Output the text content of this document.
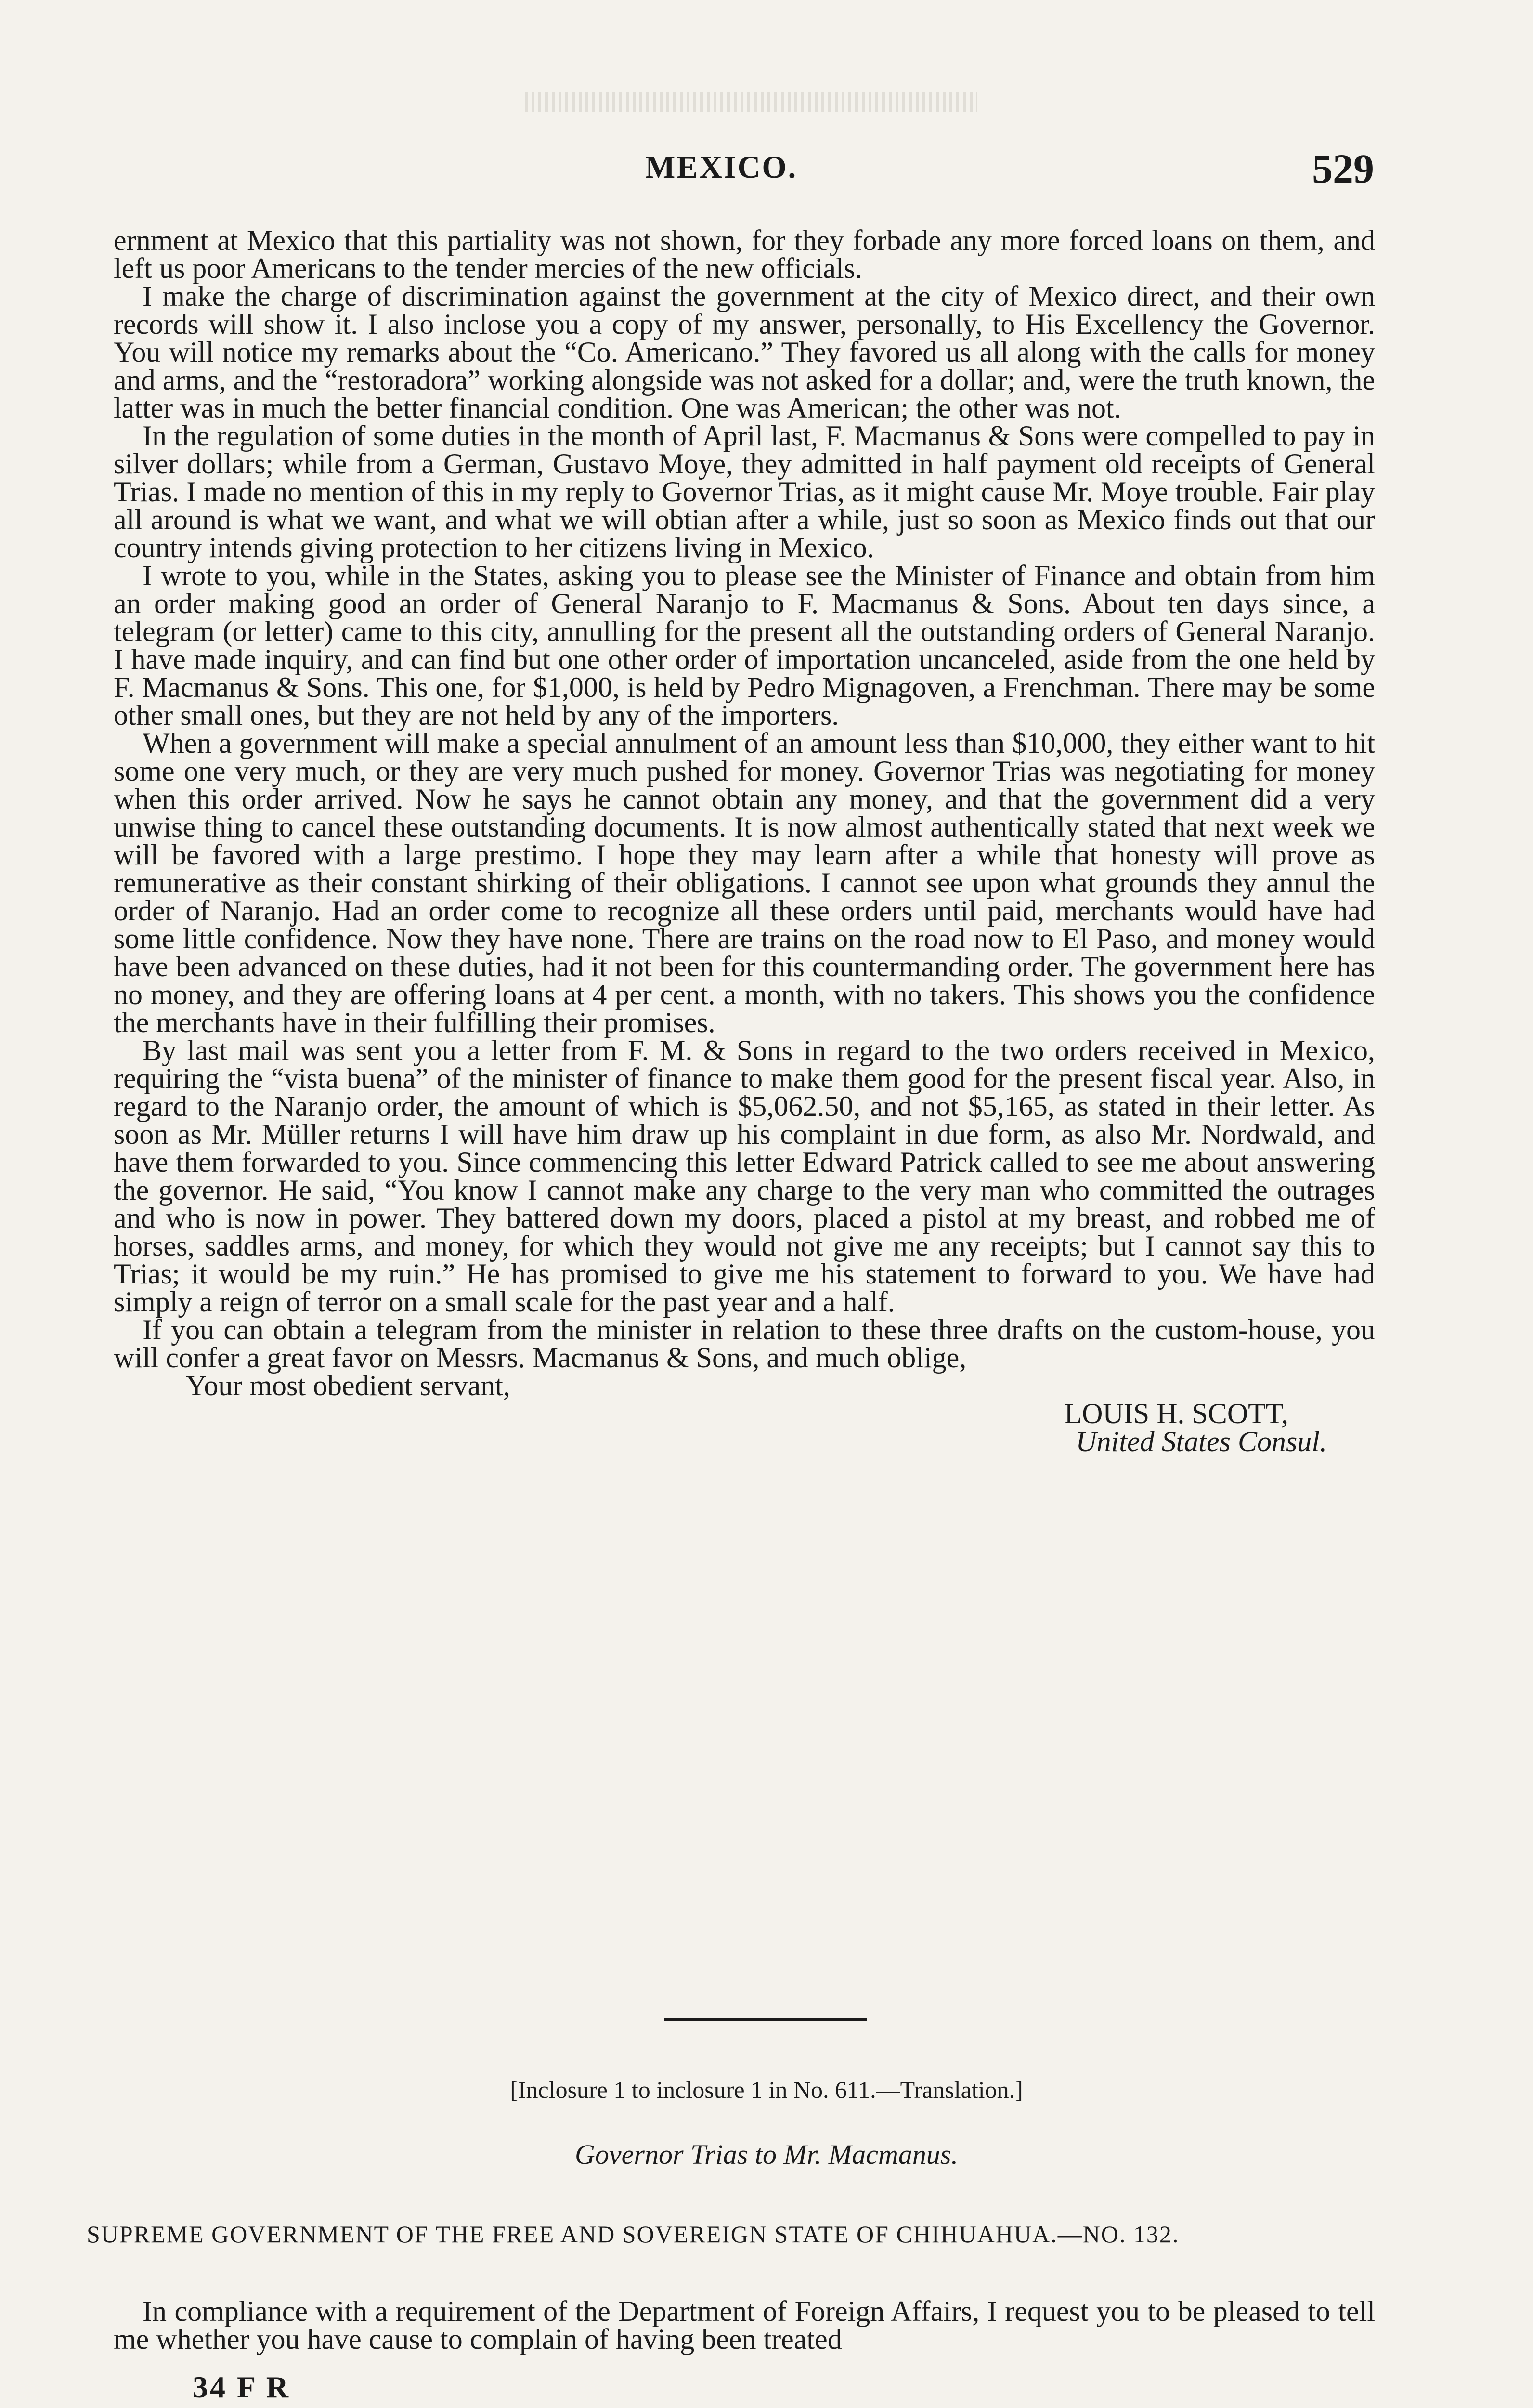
MEXICO.	529

ernment at Mexico that this partiality was not shown, for they forbade any more forced loans on them, and left us poor Americans to the tender mercies of the new officials.

I make the charge of discrimination against the government at the city of Mexico direct, and their own records will show it. I also inclose you a copy of my answer, personally, to His Excellency the Governor. You will notice my remarks about the “Co. Americano.” They favored us all along with the calls for money and arms, and the “restoradora” working alongside was not asked for a dollar; and, were the truth known, the latter was in much the better financial condition. One was American; the other was not.

In the regulation of some duties in the month of April last, F. Macmanus & Sons were compelled to pay in silver dollars; while from a German, Gustavo Moye, they admitted in half payment old receipts of General Trias. I made no mention of this in my reply to Governor Trias, as it might cause Mr. Moye trouble. Fair play all around is what we want, and what we will obtian after a while, just so soon as Mexico finds out that our country intends giving protection to her citizens living in Mexico.

I wrote to you, while in the States, asking you to please see the Minister of Finance and obtain from him an order making good an order of General Naranjo to F. Macmanus & Sons. About ten days since, a telegram (or letter) came to this city, annulling for the present all the outstanding orders of General Naranjo. I have made inquiry, and can find but one other order of importation uncanceled, aside from the one held by F. Macmanus & Sons. This one, for $1,000, is held by Pedro Mignagoven, a Frenchman. There may be some other small ones, but they are not held by any of the importers.

When a government will make a special annulment of an amount less than $10,000, they either want to hit some one very much, or they are very much pushed for money. Governor Trias was negotiating for money when this order arrived. Now he says he cannot obtain any money, and that the government did a very unwise thing to cancel these outstanding documents. It is now almost authentically stated that next week we will be favored with a large prestimo. I hope they may learn after a while that honesty will prove as remunerative as their constant shirking of their obligations. I cannot see upon what grounds they annul the order of Naranjo. Had an order come to recognize all these orders until paid, merchants would have had some little confidence. Now they have none. There are trains on the road now to El Paso, and money would have been advanced on these duties, had it not been for this countermanding order. The government here has no money, and they are offering loans at 4 per cent. a month, with no takers. This shows you the confidence the merchants have in their fulfilling their promises.

By last mail was sent you a letter from F. M. & Sons in regard to the two orders received in Mexico, requiring the “vista buena” of the minister of finance to make them good for the present fiscal year. Also, in regard to the Naranjo order, the amount of which is $5,062.50, and not $5,165, as stated in their letter. As soon as Mr. Müller returns I will have him draw up his complaint in due form, as also Mr. Nordwald, and have them forwarded to you. Since commencing this letter Edward Patrick called to see me about answering the governor. He said, “You know I cannot make any charge to the very man who committed the outrages and who is now in power. They battered down my doors, placed a pistol at my breast, and robbed me of horses, saddles arms, and money, for which they would not give me any receipts; but I cannot say this to Trias; it would be my ruin.” He has promised to give me his statement to forward to you. We have had simply a reign of terror on a small scale for the past year and a half.

If you can obtain a telegram from the minister in relation to these three drafts on the custom-house, you will confer a great favor on Messrs. Macmanus & Sons, and much oblige,

Your most obedient servant,

LOUIS H. SCOTT,
United States Consul.

[Inclosure 1 to inclosure 1 in No. 611.—Translation.]
Governor Trias to Mr. Macmanus.
SUPREME GOVERNMENT OF THE FREE AND SOVEREIGN STATE OF CHIHUAHUA.—NO. 132.
In compliance with a requirement of the Department of Foreign Affairs, I request you to be pleased to tell me whether you have cause to complain of having been treated
34 F R
